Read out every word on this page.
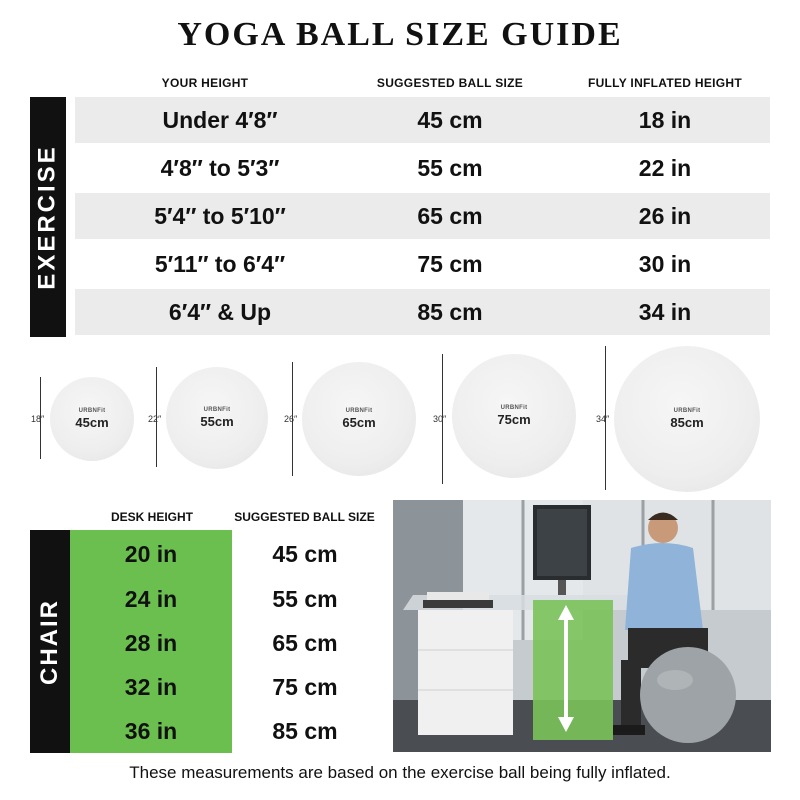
YOGA BALL SIZE GUIDE
YOUR HEIGHT	SUGGESTED BALL SIZE	FULLY INFLATED HEIGHT
EXERCISE
Under 4′8″	45 cm	18 in
4′8″ to 5′3″	55 cm	22 in
5′4″ to 5′10″	65 cm	26 in
5′11″ to 6′4″	75 cm	30 in
6′4″ & Up	85 cm	34 in
18″
URBNFit
45cm	22″
URBNFit
55cm	26″
URBNFit
65cm	30″
URBNFit
75cm	34″
URBNFit
85cm
DESK HEIGHT	SUGGESTED BALL SIZE
CHAIR
20 in	45 cm
24 in	55 cm
28 in	65 cm
32 in	75 cm
36 in	85 cm
These measurements are based on the exercise ball being fully inflated.
